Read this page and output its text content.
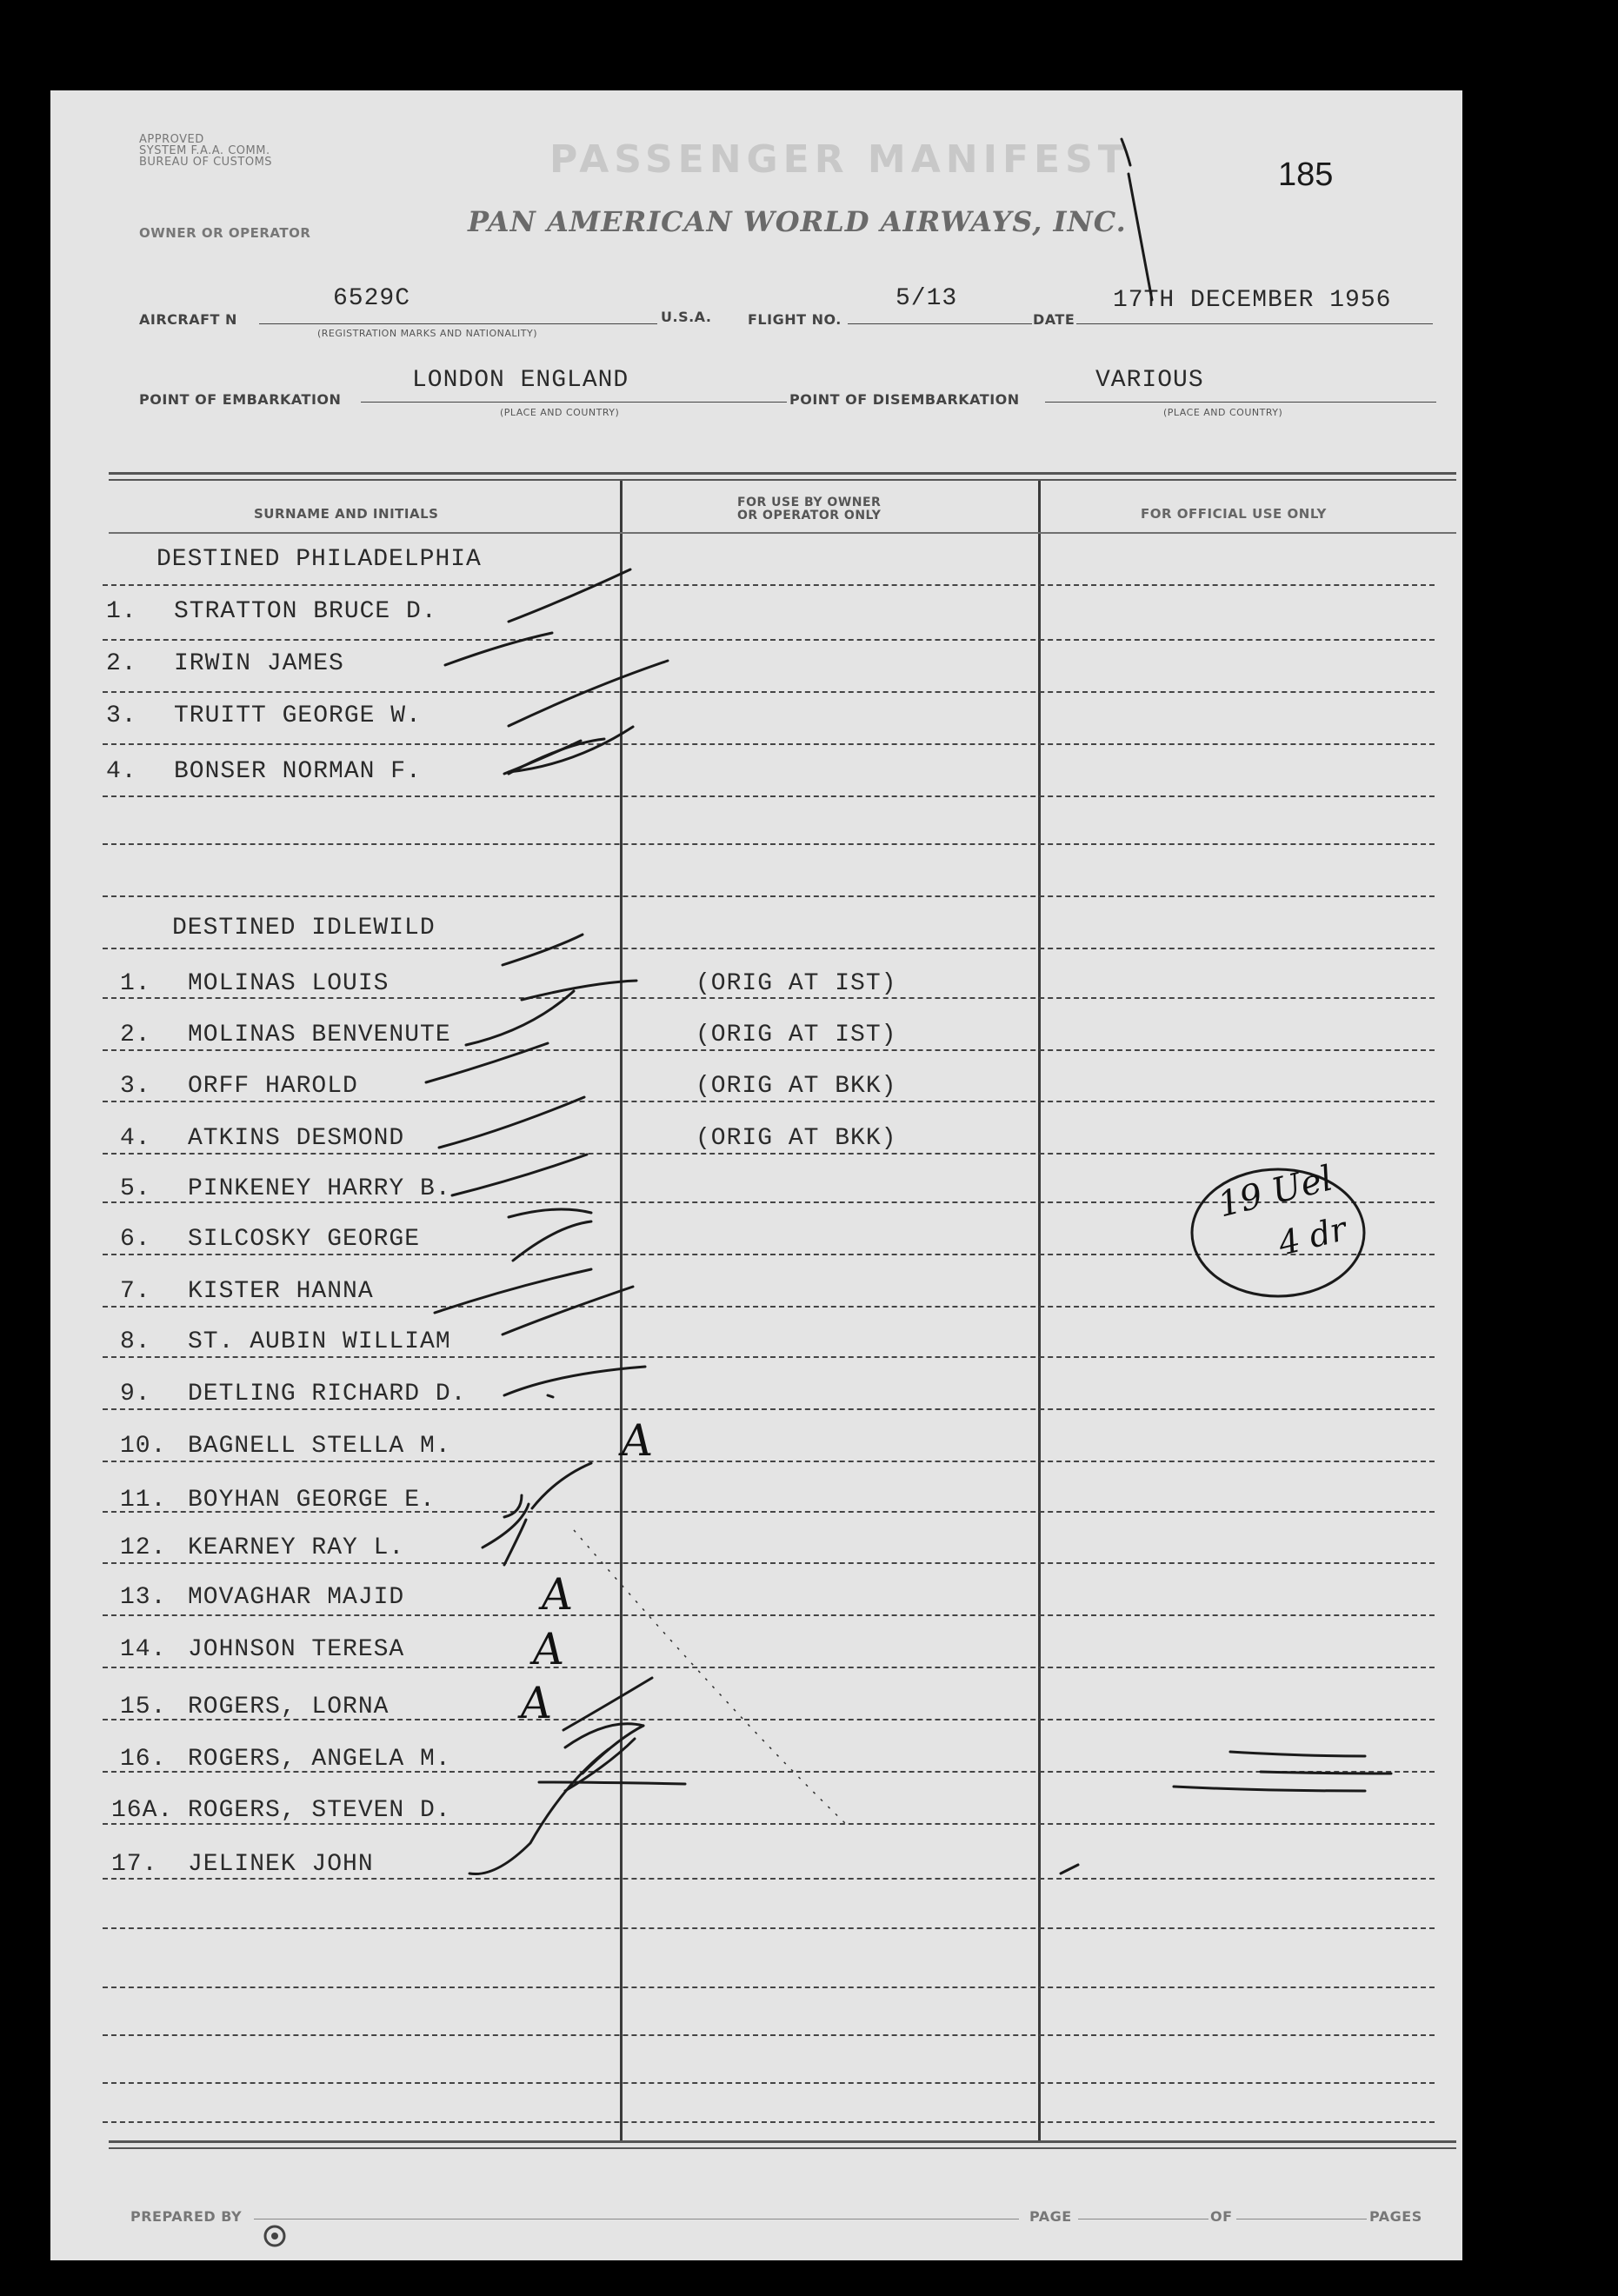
APPROVED
SYSTEM F.A.A. COMM.
BUREAU OF CUSTOMS	PASSENGER MANIFEST	185
OWNER OR OPERATOR	PAN AMERICAN WORLD AIRWAYS, INC.
AIRCRAFT N
6529C
(REGISTRATION MARKS AND NATIONALITY)
U.S.A.	FLIGHT NO.
5/13
DATE
17TH DECEMBER 1956
POINT OF EMBARKATION
LONDON ENGLAND
(PLACE AND COUNTRY)
POINT OF DISEMBARKATION
VARIOUS
(PLACE AND COUNTRY)
SURNAME AND INITIALS
FOR USE BY OWNER
OR OPERATOR ONLY	FOR OFFICIAL USE ONLY
DESTINED PHILADELPHIA
1. STRATTON BRUCE D.
2. IRWIN JAMES
3. TRUITT GEORGE W.
4. BONSER NORMAN F.
DESTINED IDLEWILD
1. MOLINAS LOUIS	(ORIG AT IST)
2. MOLINAS BENVENUTE	(ORIG AT IST)
3. ORFF HAROLD	(ORIG AT BKK)
4. ATKINS DESMOND	(ORIG AT BKK)
5. PINKENEY HARRY B.
6. SILCOSKY GEORGE
7. KISTER HANNA
8. ST. AUBIN WILLIAM
9. DETLING RICHARD D.
10. BAGNELL STELLA M.
11. BOYHAN GEORGE E.
12. KEARNEY RAY L.
13. MOVAGHAR MAJID
14. JOHNSON TERESA
15. ROGERS, LORNA
16. ROGERS, ANGELA M.
16A. ROGERS, STEVEN D.
17. JELINEK JOHN
A
A
A
A
19 Uel
4 dr
PREPARED BY	PAGE	OF	PAGES
